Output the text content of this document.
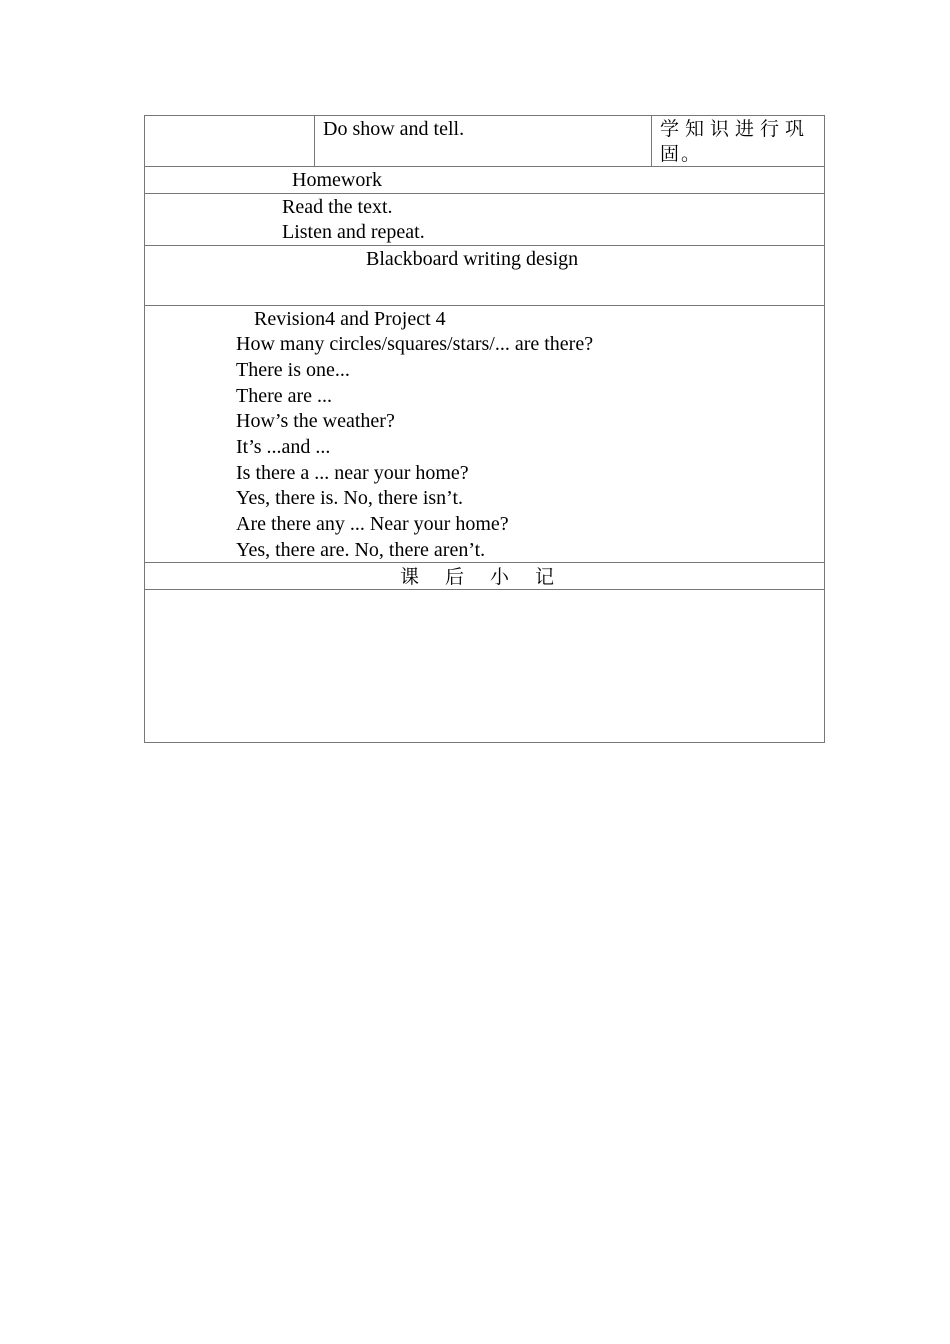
Do show and tell.	学知识进行巩
固。
Homework
Read the text.
Listen and repeat.
Blackboard writing design
Revision4 and Project 4
How many circles/squares/stars/... are there?
There is one...
There are ...
How’s the weather?
It’s ...and ...
Is there a ... near your home?
Yes, there is. No, there isn’t.
Are there any ... Near your home?
Yes, there are. No, there aren’t.
课后小记
